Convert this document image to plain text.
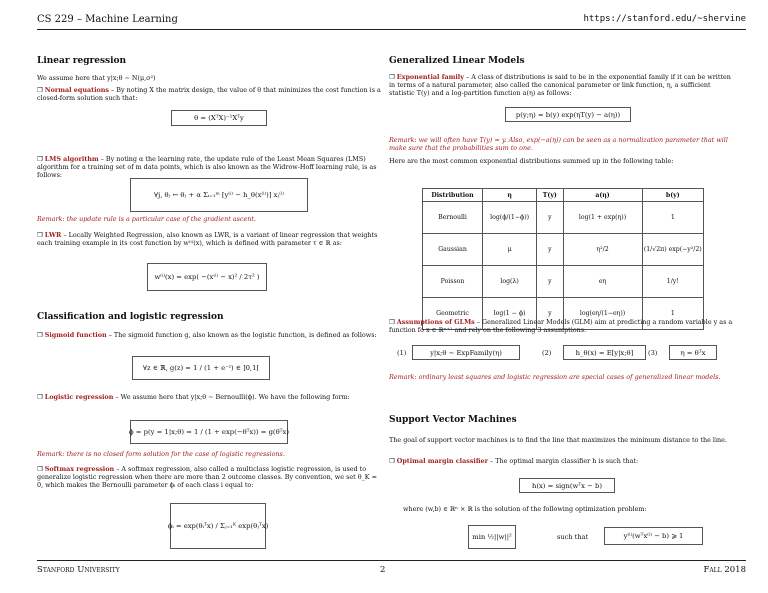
CS 229 – Machine Learning	https://stanford.edu/~shervine
Linear regression
We assume here that y|x;θ ∼ N(μ,σ²)
❐ Normal equations – By noting X the matrix design, the value of θ that minimizes the cost function is a closed-form solution such that:
θ = (XᵀX)⁻¹Xᵀy
❐ LMS algorithm – By noting α the learning rate, the update rule of the Least Mean Squares (LMS) algorithm for a training set of m data points, which is also known as the Widrow-Hoff learning rule, is as follows:
∀j, θⱼ ← θⱼ + α Σᵢ₌₁ᵐ [y⁽ⁱ⁾ − h_θ(x⁽ⁱ⁾)] xⱼ⁽ⁱ⁾
Remark: the update rule is a particular case of the gradient ascent.
❐ LWR – Locally Weighted Regression, also known as LWR, is a variant of linear regression that weights each training example in its cost function by w⁽ⁱ⁾(x), which is defined with parameter τ ∈ ℝ as:
w⁽ⁱ⁾(x) = exp( −(x⁽ⁱ⁾ − x)² / 2τ² )
Classification and logistic regression
❐ Sigmoid function – The sigmoid function g, also known as the logistic function, is defined as follows:
∀z ∈ ℝ, g(z) = 1 / (1 + e⁻ᶻ) ∈ ]0,1[
❐ Logistic regression – We assume here that y|x;θ ∼ Bernoulli(ϕ). We have the following form:
ϕ = p(y = 1|x;θ) = 1 / (1 + exp(−θᵀx)) = g(θᵀx)
Remark: there is no closed form solution for the case of logistic regressions.
❐ Softmax regression – A softmax regression, also called a multiclass logistic regression, is used to generalize logistic regression when there are more than 2 outcome classes. By convention, we set θ_K = 0, which makes the Bernoulli parameter ϕᵢ of each class i equal to:
ϕᵢ = exp(θᵢᵀx) / Σⱼ₌₁ᴷ exp(θⱼᵀx)
Generalized Linear Models
❐ Exponential family – A class of distributions is said to be in the exponential family if it can be written in terms of a natural parameter, also called the canonical parameter or link function, η, a sufficient statistic T(y) and a log-partition function a(η) as follows:
p(y;η) = b(y) exp(ηT(y) − a(η))
Remark: we will often have T(y) = y. Also, exp(−a(η)) can be seen as a normalization parameter that will make sure that the probabilities sum to one.
Here are the most common exponential distributions summed up in the following table:
Distribution	η	T(y)	a(η)	b(y)
Bernoulli	log(ϕ/(1−ϕ))	y	log(1 + exp(η))	1
Gaussian	μ	y	η²/2	(1/√2π) exp(−y²/2)
Poisson	log(λ)	y	eη	1/y!
Geometric	log(1 − ϕ)	y	log(eη/(1−eη))	1
❐ Assumptions of GLMs – Generalized Linear Models (GLM) aim at predicting a random variable y as a function fo x ∈ ℝⁿ⁺¹ and rely on the following 3 assumptions:
(1)	y|x;θ ∼ ExpFamily(η)	(2)	h_θ(x) = E[y|x;θ]	(3)	η = θᵀx
Remark: ordinary least squares and logistic regression are special cases of generalized linear models.
Support Vector Machines
The goal of support vector machines is to find the line that maximizes the minimum distance to the line.
❐ Optimal margin classifier – The optimal margin classifier h is such that:
h(x) = sign(wᵀx − b)
where (w,b) ∈ ℝⁿ × ℝ is the solution of the following optimization problem:
min ½||w||²	such that	y⁽ⁱ⁾(wᵀx⁽ⁱ⁾ − b) ⩾ 1
Stanford University	2	Fall 2018
